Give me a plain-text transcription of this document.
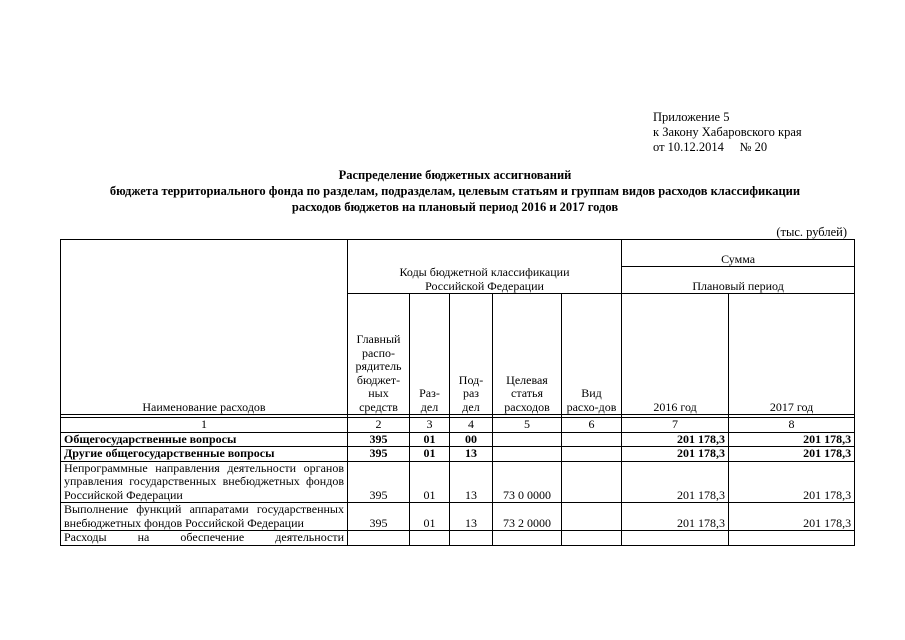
Приложение 5
к Закону Хабаровского края
от 10.12.2014     № 20
Распределение бюджетных ассигнований
бюджета территориального фонда по разделам, подразделам, целевым статьям и группам видов расходов классификации
расходов бюджетов на плановый период 2016 и 2017 годов
(тыс. рублей)
Наименование расходов	Коды бюджетной классификации Российской Федерации					Сумма	
						Плановый период	
	Главный распо-рядитель бюджет-ных средств	Раз-дел	Под-раз дел	Целевая статья расходов	Вид расхо-дов	2016 год	2017 год

1	2	3	4	5	6	7	8
Общегосударственные вопросы	395	01	00			201 178,3	201 178,3
Другие общегосударственные вопросы	395	01	13			201 178,3	201 178,3
Непрограммные направления деятельности органов управления государственных внебюджетных фондов Российской Федерации	395	01	13	73 0 0000		201 178,3	201 178,3
Выполнение функций аппаратами государственных внебюджетных фондов Российской Федерации	395	01	13	73 2 0000		201 178,3	201 178,3
Расходы на обеспечение деятельности							
